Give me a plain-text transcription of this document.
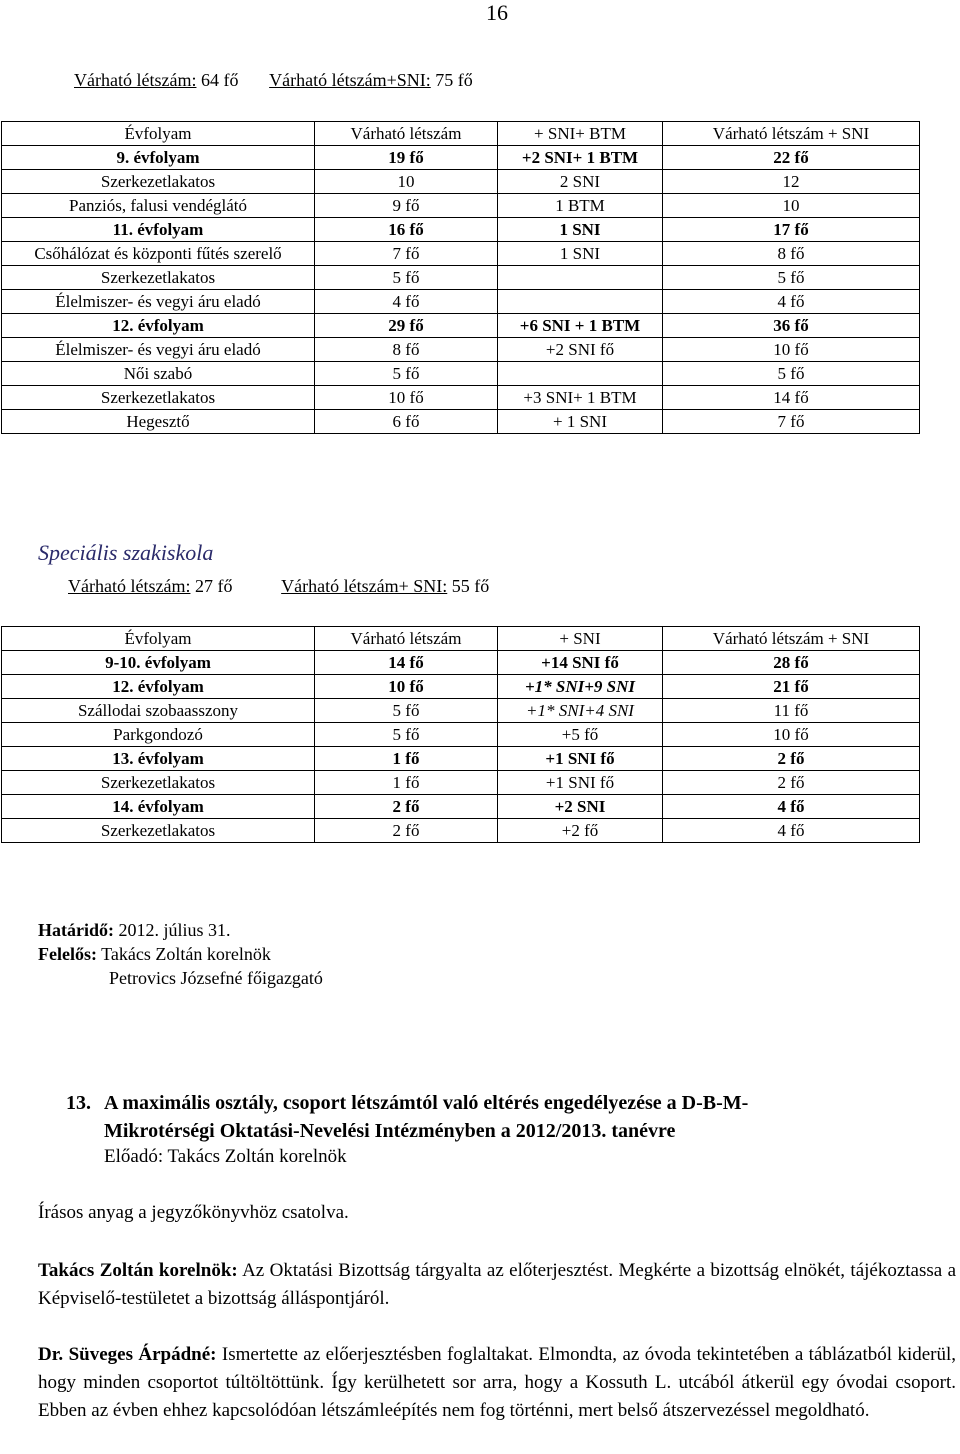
16
Várható létszám: 64 fő Várható létszám+SNI: 75 fő
Évfolyam	Várható létszám	+ SNI+ BTM	Várható létszám + SNI
9. évfolyam	19 fő	+2 SNI+ 1 BTM	22 fő
Szerkezetlakatos	10	2 SNI	12
Panziós, falusi vendéglátó	9 fő	1 BTM	10
11. évfolyam	16 fő	1 SNI	17 fő
Csőhálózat és központi fűtés szerelő	7 fő	1 SNI	8 fő
Szerkezetlakatos	5 fő		5 fő
Élelmiszer- és vegyi áru eladó	4 fő		4 fő
12. évfolyam	29 fő	+6 SNI + 1 BTM	36 fő
Élelmiszer- és vegyi áru eladó	8 fő	+2 SNI fő	10 fő
Női szabó	5 fő		5 fő
Szerkezetlakatos	10 fő	+3 SNI+ 1 BTM	14 fő
Hegesztő	6 fő	+ 1 SNI	7 fő
Speciális szakiskola
Várható létszám: 27 fő	Várható létszám+ SNI: 55 fő
Évfolyam	Várható létszám	+ SNI	Várható létszám + SNI
9-10. évfolyam	14 fő	+14 SNI fő	28 fő
12. évfolyam	10 fő	+1* SNI+9 SNI	21 fő
Szállodai szobaasszony	5 fő	+1* SNI+4 SNI	11 fő
Parkgondozó	5 fő	+5 fő	10 fő
13. évfolyam	1 fő	+1 SNI fő	2 fő
Szerkezetlakatos	1 fő	+1 SNI fő	2 fő
14. évfolyam	2 fő	+2 SNI	4 fő
Szerkezetlakatos	2 fő	+2 fő	4 fő
Határidő: 2012. július 31.
Felelős: Takács Zoltán korelnök
Petrovics Józsefné főigazgató
13. A maximális osztály, csoport létszámtól való eltérés engedélyezése a D-B-M-
Mikrotérségi Oktatási-Nevelési Intézményben a 2012/2013. tanévre
Előadó: Takács Zoltán korelnök
Írásos anyag a jegyzőkönyvhöz csatolva.
Takács Zoltán korelnök: Az Oktatási Bizottság tárgyalta az előterjesztést. Megkérte a bizottság elnökét, tájékoztassa a Képviselő-testületet a bizottság álláspontjáról.
Dr. Süveges Árpádné: Ismertette az előerjesztésben foglaltakat. Elmondta, az óvoda tekintetében a táblázatból kiderül, hogy minden csoportot túltöltöttünk. Így kerülhetett sor arra, hogy a Kossuth L. utcából átkerül egy óvodai csoport. Ebben az évben ehhez kapcsolódóan létszámleépítés nem fog történni, mert belső átszervezéssel megoldható.
